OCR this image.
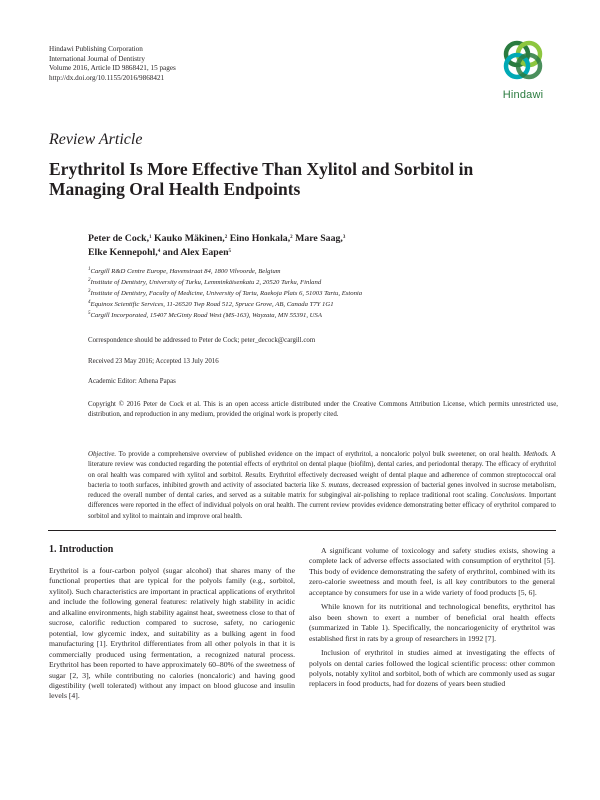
Hindawi Publishing Corporation
International Journal of Dentistry
Volume 2016, Article ID 9868421, 15 pages
http://dx.doi.org/10.1155/2016/9868421
Hindawi
Review Article
Erythritol Is More Effective Than Xylitol and Sorbitol in Managing Oral Health Endpoints
Peter de Cock,$^1$ Kauko Mäkinen,$^2$ Eino Honkala,$^2$ Mare Saag,$^3$
Elke Kennepohl,$^4$ and Alex Eapen$^5$
$^1$Cargill R&D Centre Europe, Havenstraat 84, 1800 Vilvoorde, Belgium
$^2$Institute of Dentistry, University of Turku, Lemminkäisenkatu 2, 20520 Turku, Finland
$^3$Institute of Dentistry, Faculty of Medicine, University of Tartu, Raekoja Plats 6, 51003 Tartu, Estonia
$^4$Equinox Scientific Services, 11-26520 Twp Road 512, Spruce Grove, AB, Canada T7Y 1G1
$^5$Cargill Incorporated, 15407 McGinty Road West (MS-163), Wayzata, MN 55391, USA
Correspondence should be addressed to Peter de Cock; peter_decock@cargill.com
Received 23 May 2016; Accepted 13 July 2016
Academic Editor: Athena Papas
Copyright © 2016 Peter de Cock et al. This is an open access article distributed under the Creative Commons Attribution License, which permits unrestricted use, distribution, and reproduction in any medium, provided the original work is properly cited.
Objective. To provide a comprehensive overview of published evidence on the impact of erythritol, a noncaloric polyol bulk sweetener, on oral health. Methods. A literature review was conducted regarding the potential effects of erythritol on dental plaque (biofilm), dental caries, and periodontal therapy. The efficacy of erythritol on oral health was compared with xylitol and sorbitol. Results. Erythritol effectively decreased weight of dental plaque and adherence of common streptococcal oral bacteria to tooth surfaces, inhibited growth and activity of associated bacteria like S. mutans, decreased expression of bacterial genes involved in sucrose metabolism, reduced the overall number of dental caries, and served as a suitable matrix for subgingival air-polishing to replace traditional root scaling. Conclusions. Important differences were reported in the effect of individual polyols on oral health. The current review provides evidence demonstrating better efficacy of erythritol compared to sorbitol and xylitol to maintain and improve oral health.
1. Introduction

Erythritol is a four-carbon polyol (sugar alcohol) that shares many of the functional properties that are typical for the polyols family (e.g., sorbitol, xylitol). Such characteristics are important in practical applications of erythritol and include the following general features: relatively high stability in acidic and alkaline environments, high stability against heat, sweetness close to that of sucrose, calorific reduction compared to sucrose, safety, no cariogenic potential, low glycemic index, and suitability as a bulking agent in food manufacturing [1]. Erythritol differentiates from all other polyols in that it is commercially produced using fermentation, a recognized natural process. Erythritol has been reported to have approximately 60–80% of the sweetness of sugar [2, 3], while contributing no calories (noncaloric) and having good digestibility (well tolerated) without any impact on blood glucose and insulin levels [4].

A significant volume of toxicology and safety studies exists, showing a complete lack of adverse effects associated with consumption of erythritol [5]. This body of evidence demonstrating the safety of erythritol, combined with its zero-calorie sweetness and mouth feel, is all key contributors to the general acceptance by consumers for use in a wide variety of food products [5, 6].

While known for its nutritional and technological benefits, erythritol has also been shown to exert a number of beneficial oral health effects (summarized in Table 1). Specifically, the noncariogenicity of erythritol was established first in rats by a group of researchers in 1992 [7].

Inclusion of erythritol in studies aimed at investigating the effects of polyols on dental caries followed the logical scientific process: other common polyols, notably xylitol and sorbitol, both of which are commonly used as sugar replacers in food products, had for dozens of years been studied
